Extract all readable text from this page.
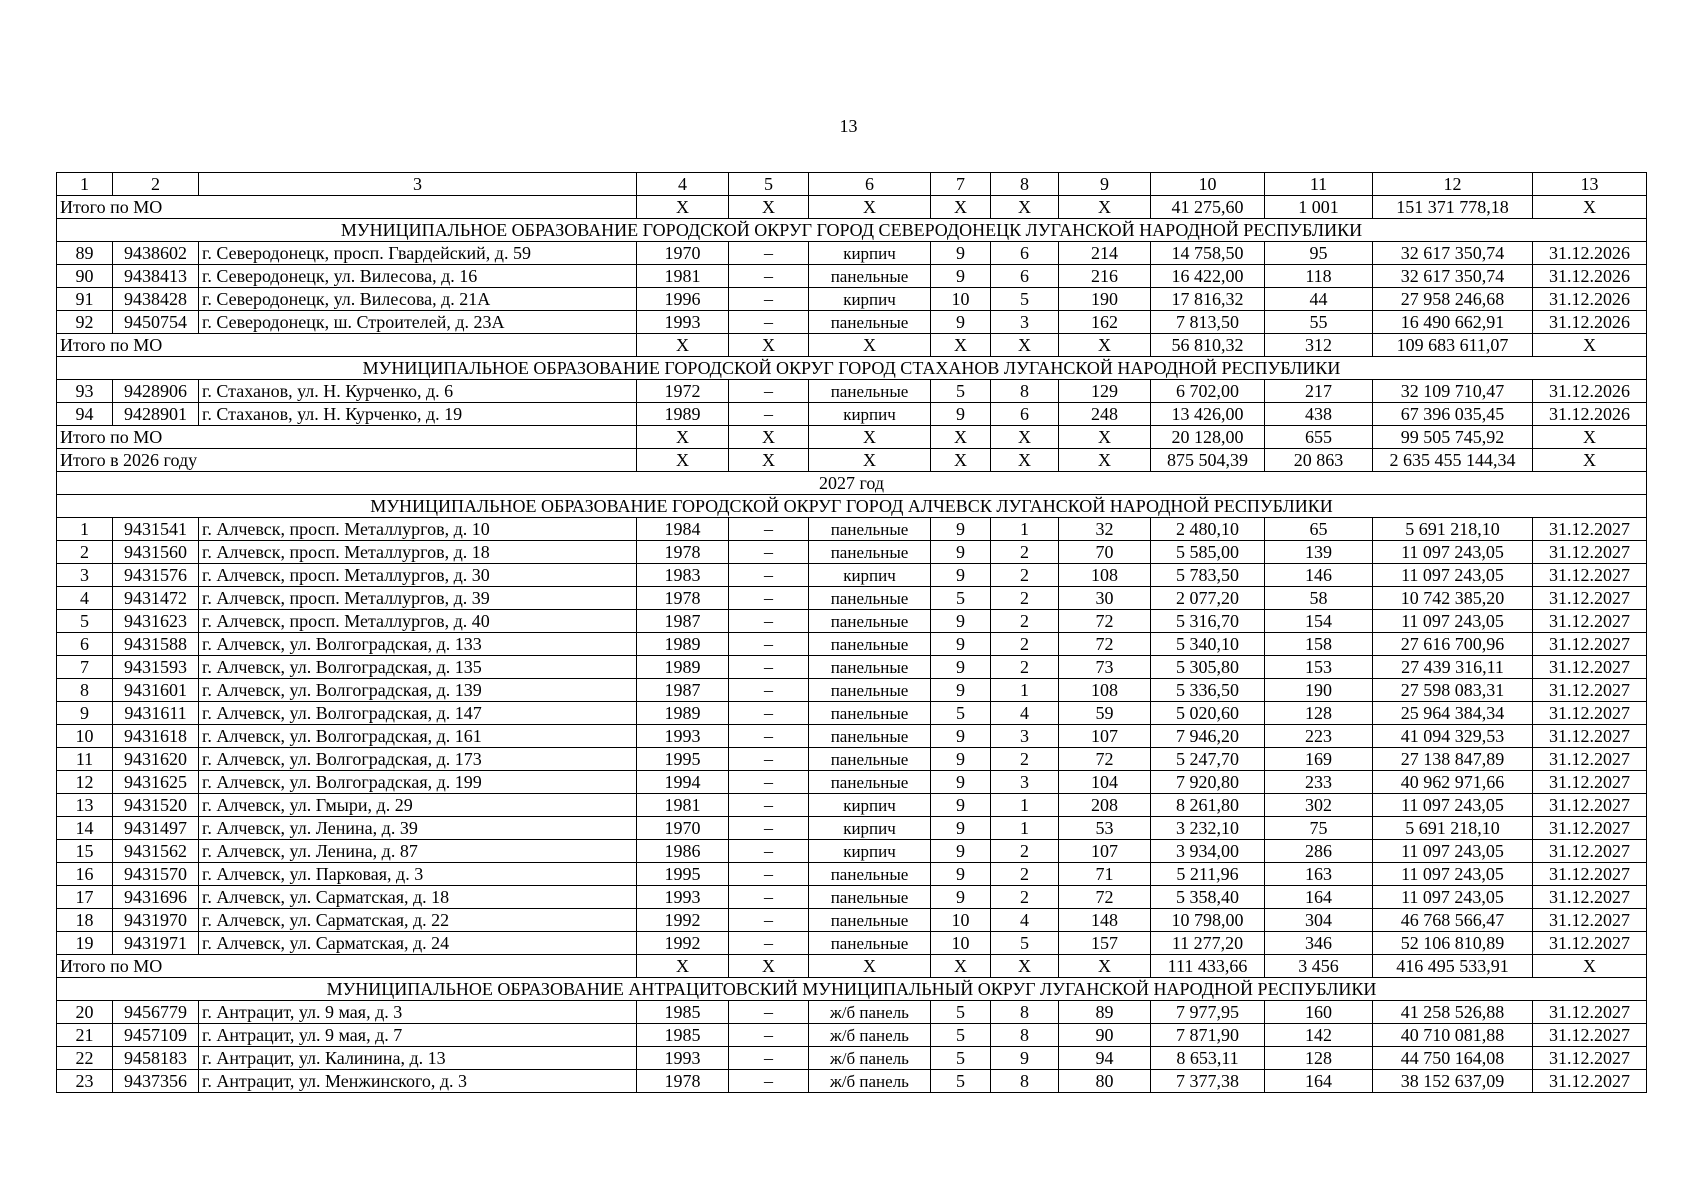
13
1	2	3	4	5	6	7	8	9	10	11	12	13
Итого по МО			Х	Х	Х	Х	Х	Х	41 275,60	1 001	151 371 778,18	Х
МУНИЦИПАЛЬНОЕ ОБРАЗОВАНИЕ ГОРОДСКОЙ ОКРУГ ГОРОД СЕВЕРОДОНЕЦК ЛУГАНСКОЙ НАРОДНОЙ РЕСПУБЛИКИ												
89	9438602	г. Северодонецк, просп. Гвардейский, д. 59	1970	–	кирпич	9	6	214	14 758,50	95	32 617 350,74	31.12.2026
90	9438413	г. Северодонецк, ул. Вилесова, д. 16	1981	–	панельные	9	6	216	16 422,00	118	32 617 350,74	31.12.2026
91	9438428	г. Северодонецк, ул. Вилесова, д. 21А	1996	–	кирпич	10	5	190	17 816,32	44	27 958 246,68	31.12.2026
92	9450754	г. Северодонецк, ш. Строителей, д. 23А	1993	–	панельные	9	3	162	7 813,50	55	16 490 662,91	31.12.2026
Итого по МО			Х	Х	Х	Х	Х	Х	56 810,32	312	109 683 611,07	Х
МУНИЦИПАЛЬНОЕ ОБРАЗОВАНИЕ ГОРОДСКОЙ ОКРУГ ГОРОД СТАХАНОВ ЛУГАНСКОЙ НАРОДНОЙ РЕСПУБЛИКИ												
93	9428906	г. Стаханов, ул. Н. Курченко, д. 6	1972	–	панельные	5	8	129	6 702,00	217	32 109 710,47	31.12.2026
94	9428901	г. Стаханов, ул. Н. Курченко, д. 19	1989	–	кирпич	9	6	248	13 426,00	438	67 396 035,45	31.12.2026
Итого по МО			Х	Х	Х	Х	Х	Х	20 128,00	655	99 505 745,92	Х
Итого в 2026 году			Х	Х	Х	Х	Х	Х	875 504,39	20 863	2 635 455 144,34	Х
2027 год												
МУНИЦИПАЛЬНОЕ ОБРАЗОВАНИЕ ГОРОДСКОЙ ОКРУГ ГОРОД АЛЧЕВСК ЛУГАНСКОЙ НАРОДНОЙ РЕСПУБЛИКИ												
1	9431541	г. Алчевск, просп. Металлургов, д. 10	1984	–	панельные	9	1	32	2 480,10	65	5 691 218,10	31.12.2027
2	9431560	г. Алчевск, просп. Металлургов, д. 18	1978	–	панельные	9	2	70	5 585,00	139	11 097 243,05	31.12.2027
3	9431576	г. Алчевск, просп. Металлургов, д. 30	1983	–	кирпич	9	2	108	5 783,50	146	11 097 243,05	31.12.2027
4	9431472	г. Алчевск, просп. Металлургов, д. 39	1978	–	панельные	5	2	30	2 077,20	58	10 742 385,20	31.12.2027
5	9431623	г. Алчевск, просп. Металлургов, д. 40	1987	–	панельные	9	2	72	5 316,70	154	11 097 243,05	31.12.2027
6	9431588	г. Алчевск, ул. Волгоградская, д. 133	1989	–	панельные	9	2	72	5 340,10	158	27 616 700,96	31.12.2027
7	9431593	г. Алчевск, ул. Волгоградская, д. 135	1989	–	панельные	9	2	73	5 305,80	153	27 439 316,11	31.12.2027
8	9431601	г. Алчевск, ул. Волгоградская, д. 139	1987	–	панельные	9	1	108	5 336,50	190	27 598 083,31	31.12.2027
9	9431611	г. Алчевск, ул. Волгоградская, д. 147	1989	–	панельные	5	4	59	5 020,60	128	25 964 384,34	31.12.2027
10	9431618	г. Алчевск, ул. Волгоградская, д. 161	1993	–	панельные	9	3	107	7 946,20	223	41 094 329,53	31.12.2027
11	9431620	г. Алчевск, ул. Волгоградская, д. 173	1995	–	панельные	9	2	72	5 247,70	169	27 138 847,89	31.12.2027
12	9431625	г. Алчевск, ул. Волгоградская, д. 199	1994	–	панельные	9	3	104	7 920,80	233	40 962 971,66	31.12.2027
13	9431520	г. Алчевск, ул. Гмыри, д. 29	1981	–	кирпич	9	1	208	8 261,80	302	11 097 243,05	31.12.2027
14	9431497	г. Алчевск, ул. Ленина, д. 39	1970	–	кирпич	9	1	53	3 232,10	75	5 691 218,10	31.12.2027
15	9431562	г. Алчевск, ул. Ленина, д. 87	1986	–	кирпич	9	2	107	3 934,00	286	11 097 243,05	31.12.2027
16	9431570	г. Алчевск, ул. Парковая, д. 3	1995	–	панельные	9	2	71	5 211,96	163	11 097 243,05	31.12.2027
17	9431696	г. Алчевск, ул. Сарматская, д. 18	1993	–	панельные	9	2	72	5 358,40	164	11 097 243,05	31.12.2027
18	9431970	г. Алчевск, ул. Сарматская, д. 22	1992	–	панельные	10	4	148	10 798,00	304	46 768 566,47	31.12.2027
19	9431971	г. Алчевск, ул. Сарматская, д. 24	1992	–	панельные	10	5	157	11 277,20	346	52 106 810,89	31.12.2027
Итого по МО			Х	Х	Х	Х	Х	Х	111 433,66	3 456	416 495 533,91	Х
МУНИЦИПАЛЬНОЕ ОБРАЗОВАНИЕ АНТРАЦИТОВСКИЙ МУНИЦИПАЛЬНЫЙ ОКРУГ ЛУГАНСКОЙ НАРОДНОЙ РЕСПУБЛИКИ												
20	9456779	г. Антрацит, ул. 9 мая, д. 3	1985	–	ж/б панель	5	8	89	7 977,95	160	41 258 526,88	31.12.2027
21	9457109	г. Антрацит, ул. 9 мая, д. 7	1985	–	ж/б панель	5	8	90	7 871,90	142	40 710 081,88	31.12.2027
22	9458183	г. Антрацит, ул. Калинина, д. 13	1993	–	ж/б панель	5	9	94	8 653,11	128	44 750 164,08	31.12.2027
23	9437356	г. Антрацит, ул. Менжинского, д. 3	1978	–	ж/б панель	5	8	80	7 377,38	164	38 152 637,09	31.12.2027
